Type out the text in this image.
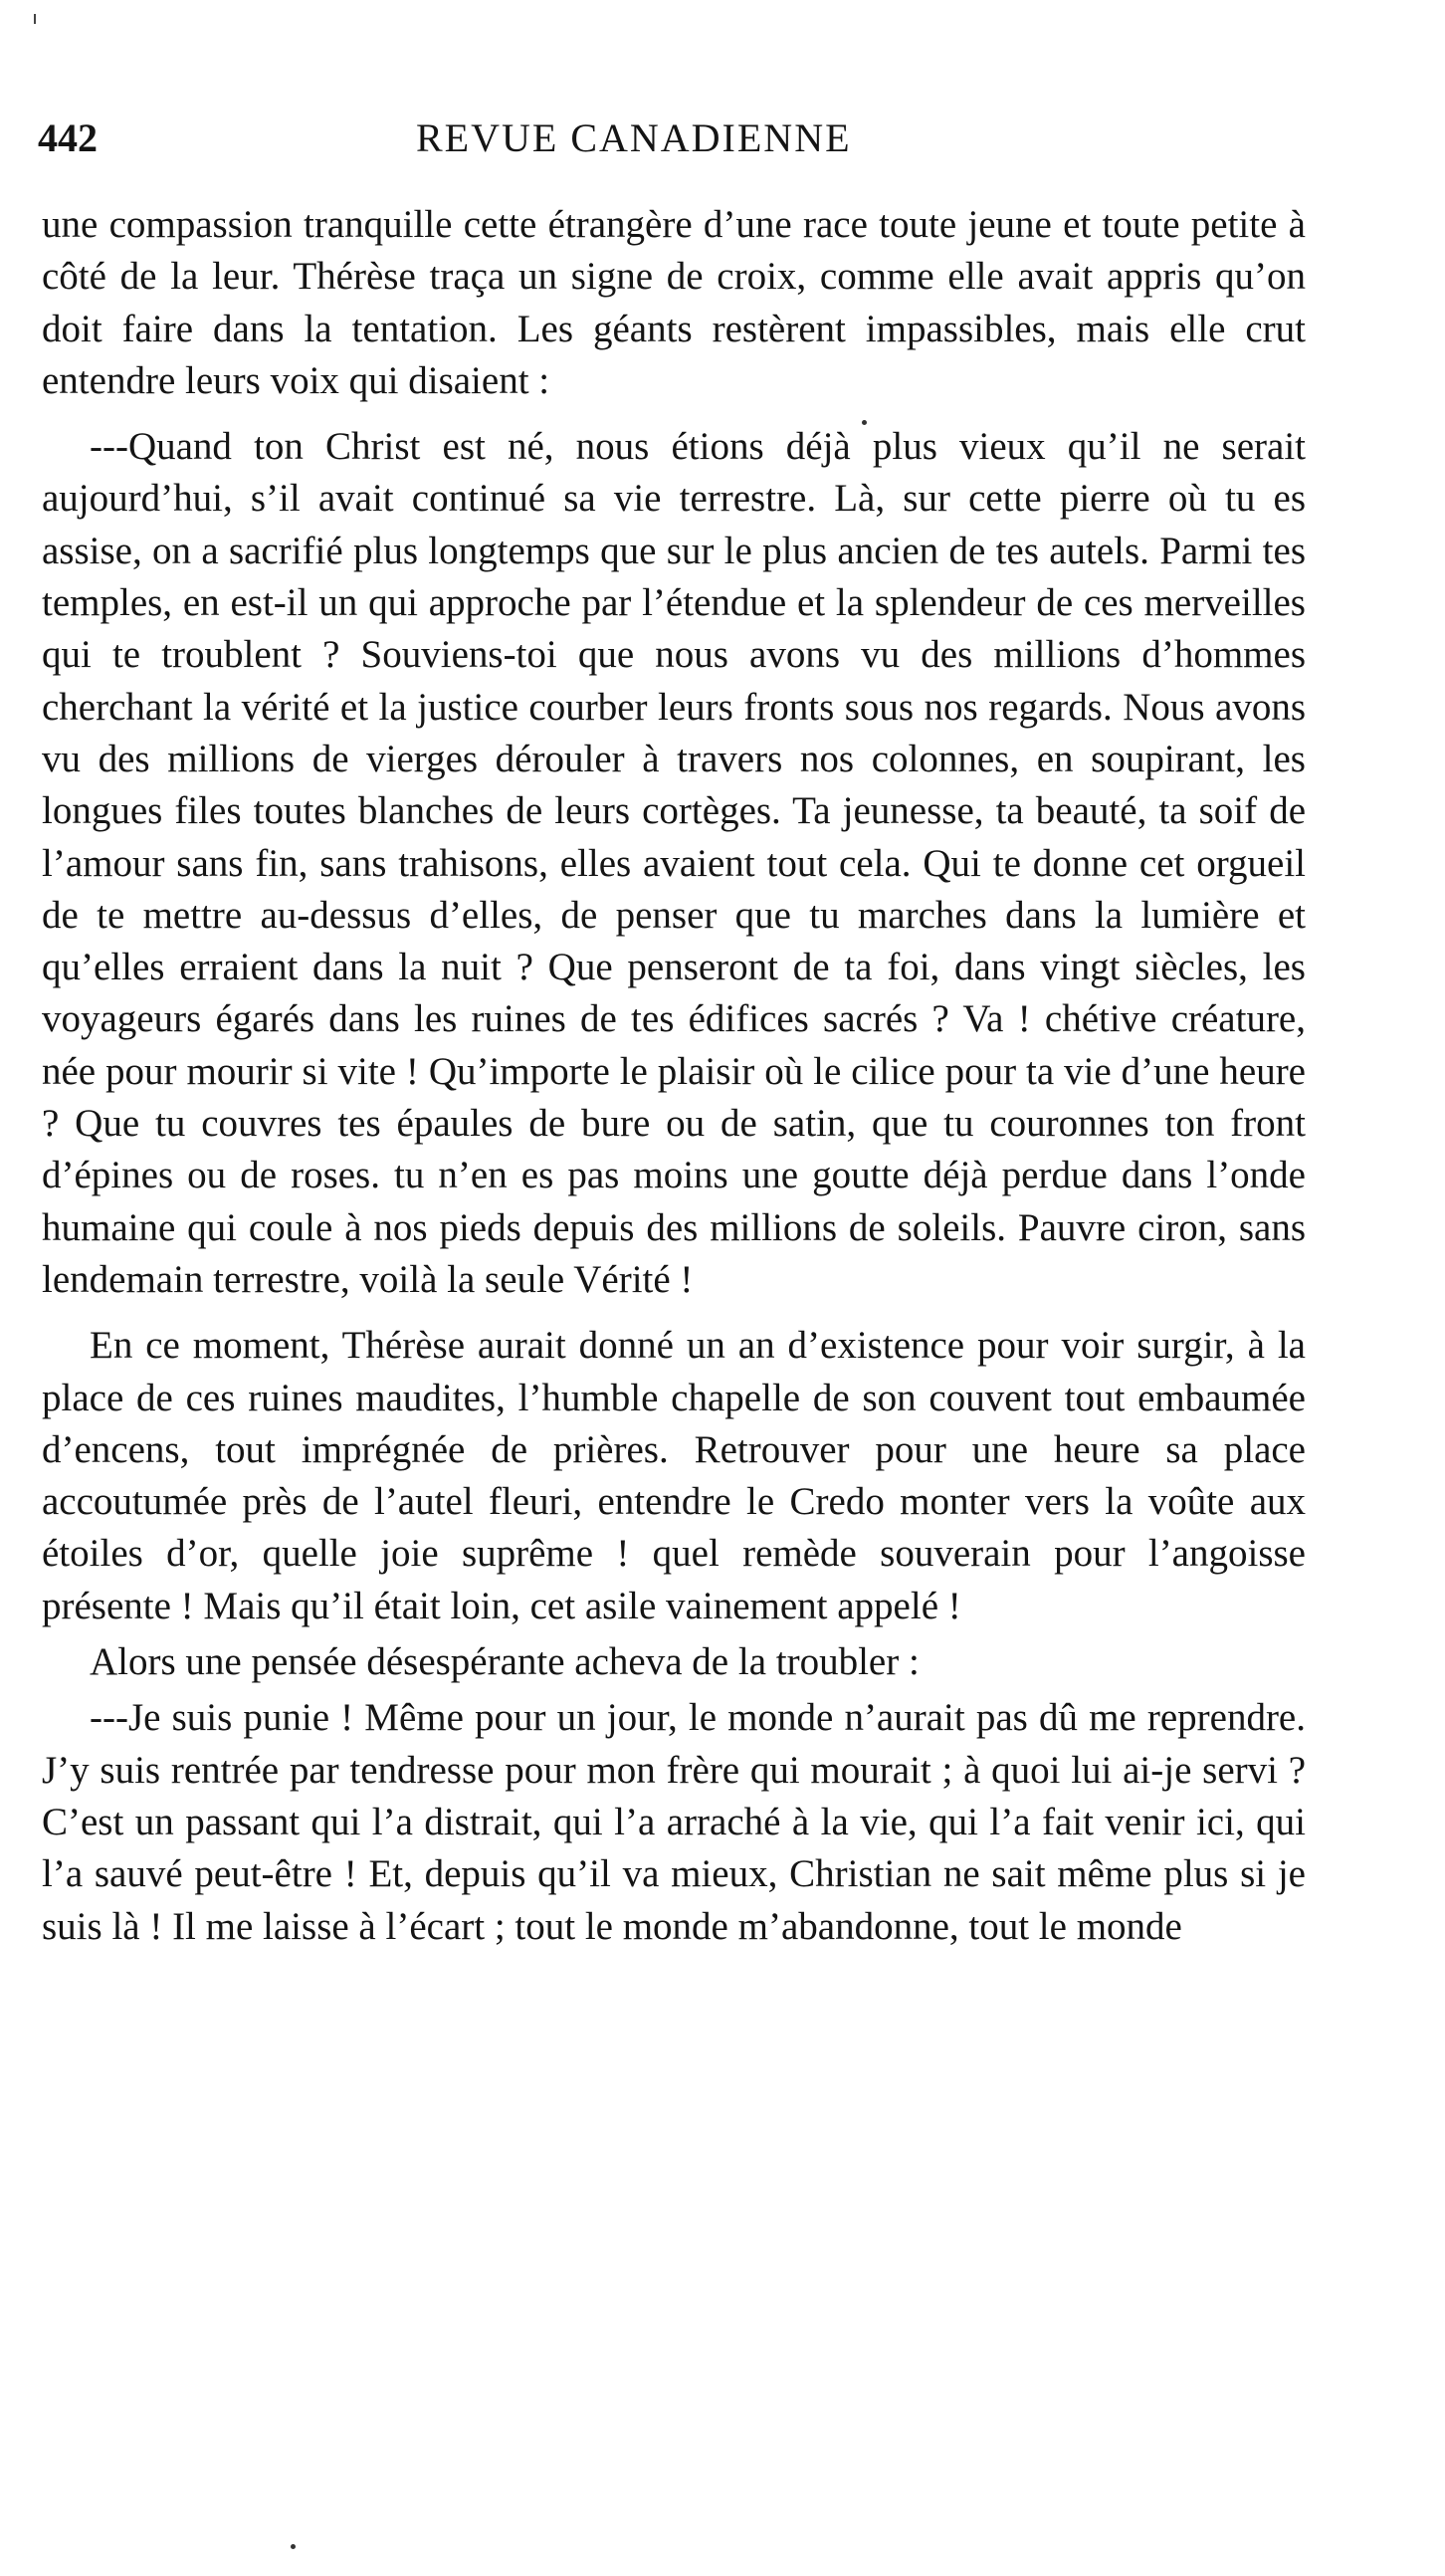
442	REVUE CANADIENNE

une compassion tranquille cette étrangère d’une race toute jeune et toute petite à côté de la leur. Thérèse traça un signe de croix, comme elle avait appris qu’on doit faire dans la tentation. Les géants restèrent impassibles, mais elle crut entendre leurs voix qui disaient :

---Quand ton Christ est né, nous étions déjà plus vieux qu’il ne serait aujourd’hui, s’il avait continué sa vie terrestre. Là, sur cette pierre où tu es assise, on a sacrifié plus longtemps que sur le plus ancien de tes autels. Parmi tes temples, en est-il un qui approche par l’étendue et la splendeur de ces merveilles qui te troublent ? Souviens-toi que nous avons vu des millions d’hommes cherchant la vérité et la justice courber leurs fronts sous nos regards. Nous avons vu des millions de vierges dérouler à travers nos colonnes, en soupirant, les longues files toutes blanches de leurs cortèges. Ta jeunesse, ta beauté, ta soif de l’amour sans fin, sans trahisons, elles avaient tout cela. Qui te donne cet orgueil de te mettre au-dessus d’elles, de penser que tu marches dans la lumière et qu’elles erraient dans la nuit ? Que penseront de ta foi, dans vingt siècles, les voyageurs égarés dans les ruines de tes édifices sacrés ? Va ! chétive créature, née pour mourir si vite ! Qu’importe le plaisir où le cilice pour ta vie d’une heure ? Que tu couvres tes épaules de bure ou de satin, que tu couronnes ton front d’épines ou de roses. tu n’en es pas moins une goutte déjà perdue dans l’onde humaine qui coule à nos pieds depuis des millions de soleils. Pauvre ciron, sans lendemain terrestre, voilà la seule Vérité !

En ce moment, Thérèse aurait donné un an d’existence pour voir surgir, à la place de ces ruines maudites, l’humble chapelle de son couvent tout embaumée d’encens, tout imprégnée de prières. Retrouver pour une heure sa place accoutumée près de l’autel fleuri, entendre le Credo monter vers la voûte aux étoiles d’or, quelle joie suprême ! quel remède souverain pour l’angoisse présente ! Mais qu’il était loin, cet asile vainement appelé !

Alors une pensée désespérante acheva de la troubler :

---Je suis punie ! Même pour un jour, le monde n’aurait pas dû me reprendre. J’y suis rentrée par tendresse pour mon frère qui mourait ; à quoi lui ai-je servi ? C’est un passant qui l’a distrait, qui l’a arraché à la vie, qui l’a fait venir ici, qui l’a sauvé peut-être ! Et, depuis qu’il va mieux, Christian ne sait même plus si je suis là ! Il me laisse à l’écart ; tout le monde m’abandonne, tout le monde
